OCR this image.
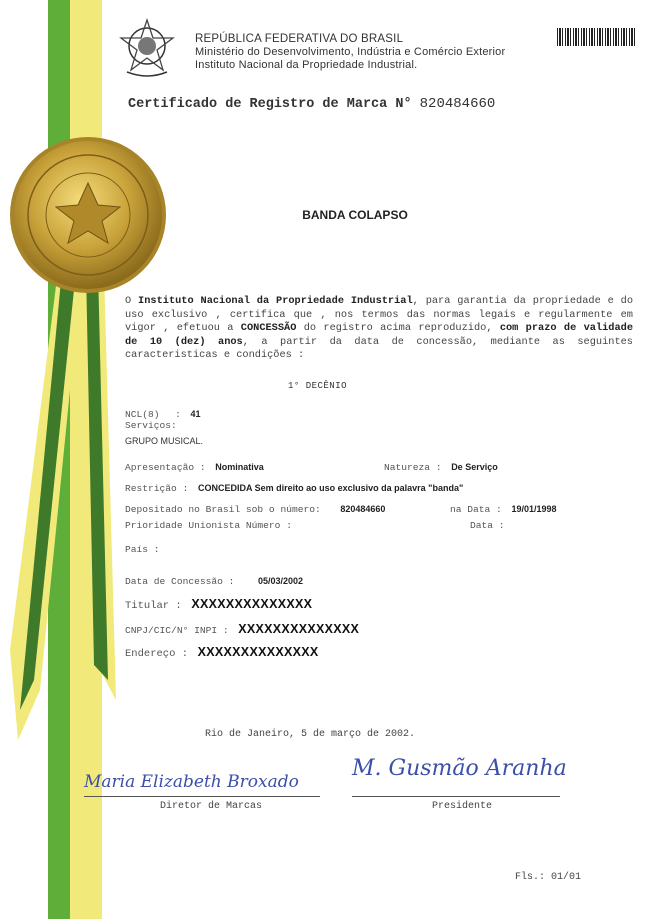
REPÚBLICA FEDERATIVA DO BRASIL
Ministério do Desenvolvimento, Indústria e Comércio Exterior
Instituto Nacional da Propriedade Industrial.
Certificado de Registro de Marca N° 820484660
BANDA COLAPSO
O Instituto Nacional da Propriedade Industrial, para garantia da propriedade e do uso exclusivo , certifica que , nos termos das normas legais e regularmente em vigor , efetuou a CONCESSÃO do registro acima reproduzido, com prazo de validade de 10 (dez) anos, a partir da data de concessão, mediante as seguintes caracteristicas e condições :
1° DECÊNIO
NCL(8) : 41
Serviços:
GRUPO MUSICAL.
Apresentação : Nominativa	Natureza : De Serviço
Restrição : CONCEDIDA Sem direito ao uso exclusivo da palavra "banda"
Depositado no Brasil sob o número: 820484660	na Data : 19/01/1998
Prioridade Unionista Número :	Data :
País :
Data de Concessão :	05/03/2002
Titular : XXXXXXXXXXXXXX
CNPJ/CIC/N° INPI : XXXXXXXXXXXXXX
Endereço : XXXXXXXXXXXXXX
Rio de Janeiro, 5 de março de 2002.
Maria Elizabeth Broxado
Diretor de Marcas
M. Gusmão Aranha
Presidente
Fls.: 01/01
